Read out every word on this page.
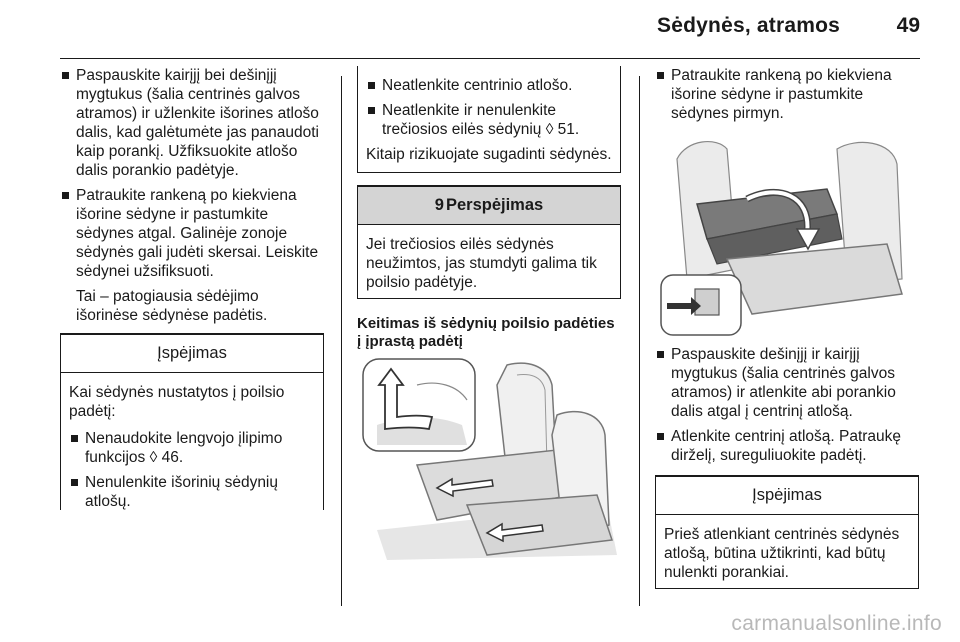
Sėdynės, atramos	49
Paspauskite kairįjį bei dešinįjį mygtukus (šalia centrinės galvos atramos) ir užlenkite išorines atlošo dalis, kad galėtumėte jas panaudoti kaip porankį. Užfiksuokite atlošo dalis porankio padėtyje.
Patraukite rankeną po kiekviena išorine sėdyne ir pastumkite sėdynes atgal. Galinėje zonoje sėdynės gali judėti skersai. Leiskite sėdynei užsifiksuoti.

Tai – patogiausia sėdėjimo išorinėse sėdynėse padėtis.

Įspėjimas

Kai sėdynės nustatytos į poilsio padėtį:

Nenaudokite lengvojo įlipimo funkcijos ◊ 46.
Nenulenkite išorinių sėdynių atlošų.
Neatlenkite centrinio atlošo.
Neatlenkite ir nenulenkite trečiosios eilės sėdynių ◊ 51.

Kitaip rizikuojate sugadinti sėdynės.

9 Perspėjimas
Jei trečiosios eilės sėdynės neužimtos, jas stumdyti galima tik poilsio padėtyje.
Keitimas iš sėdynių poilsio padėties į įprastą padėtį
Patraukite rankeną po kiekviena išorine sėdyne ir pastumkite sėdynes pirmyn.
Paspauskite dešinįjį ir kairįjį mygtukus (šalia centrinės galvos atramos) ir atlenkite abi porankio dalis atgal į centrinį atlošą.
Atlenkite centrinį atlošą. Patraukę dirželį, sureguliuokite padėtį.
Įspėjimas
Prieš atlenkiant centrinės sėdynės atlošą, būtina užtikrinti, kad būtų nulenkti porankiai.
carmanualsonline.info
